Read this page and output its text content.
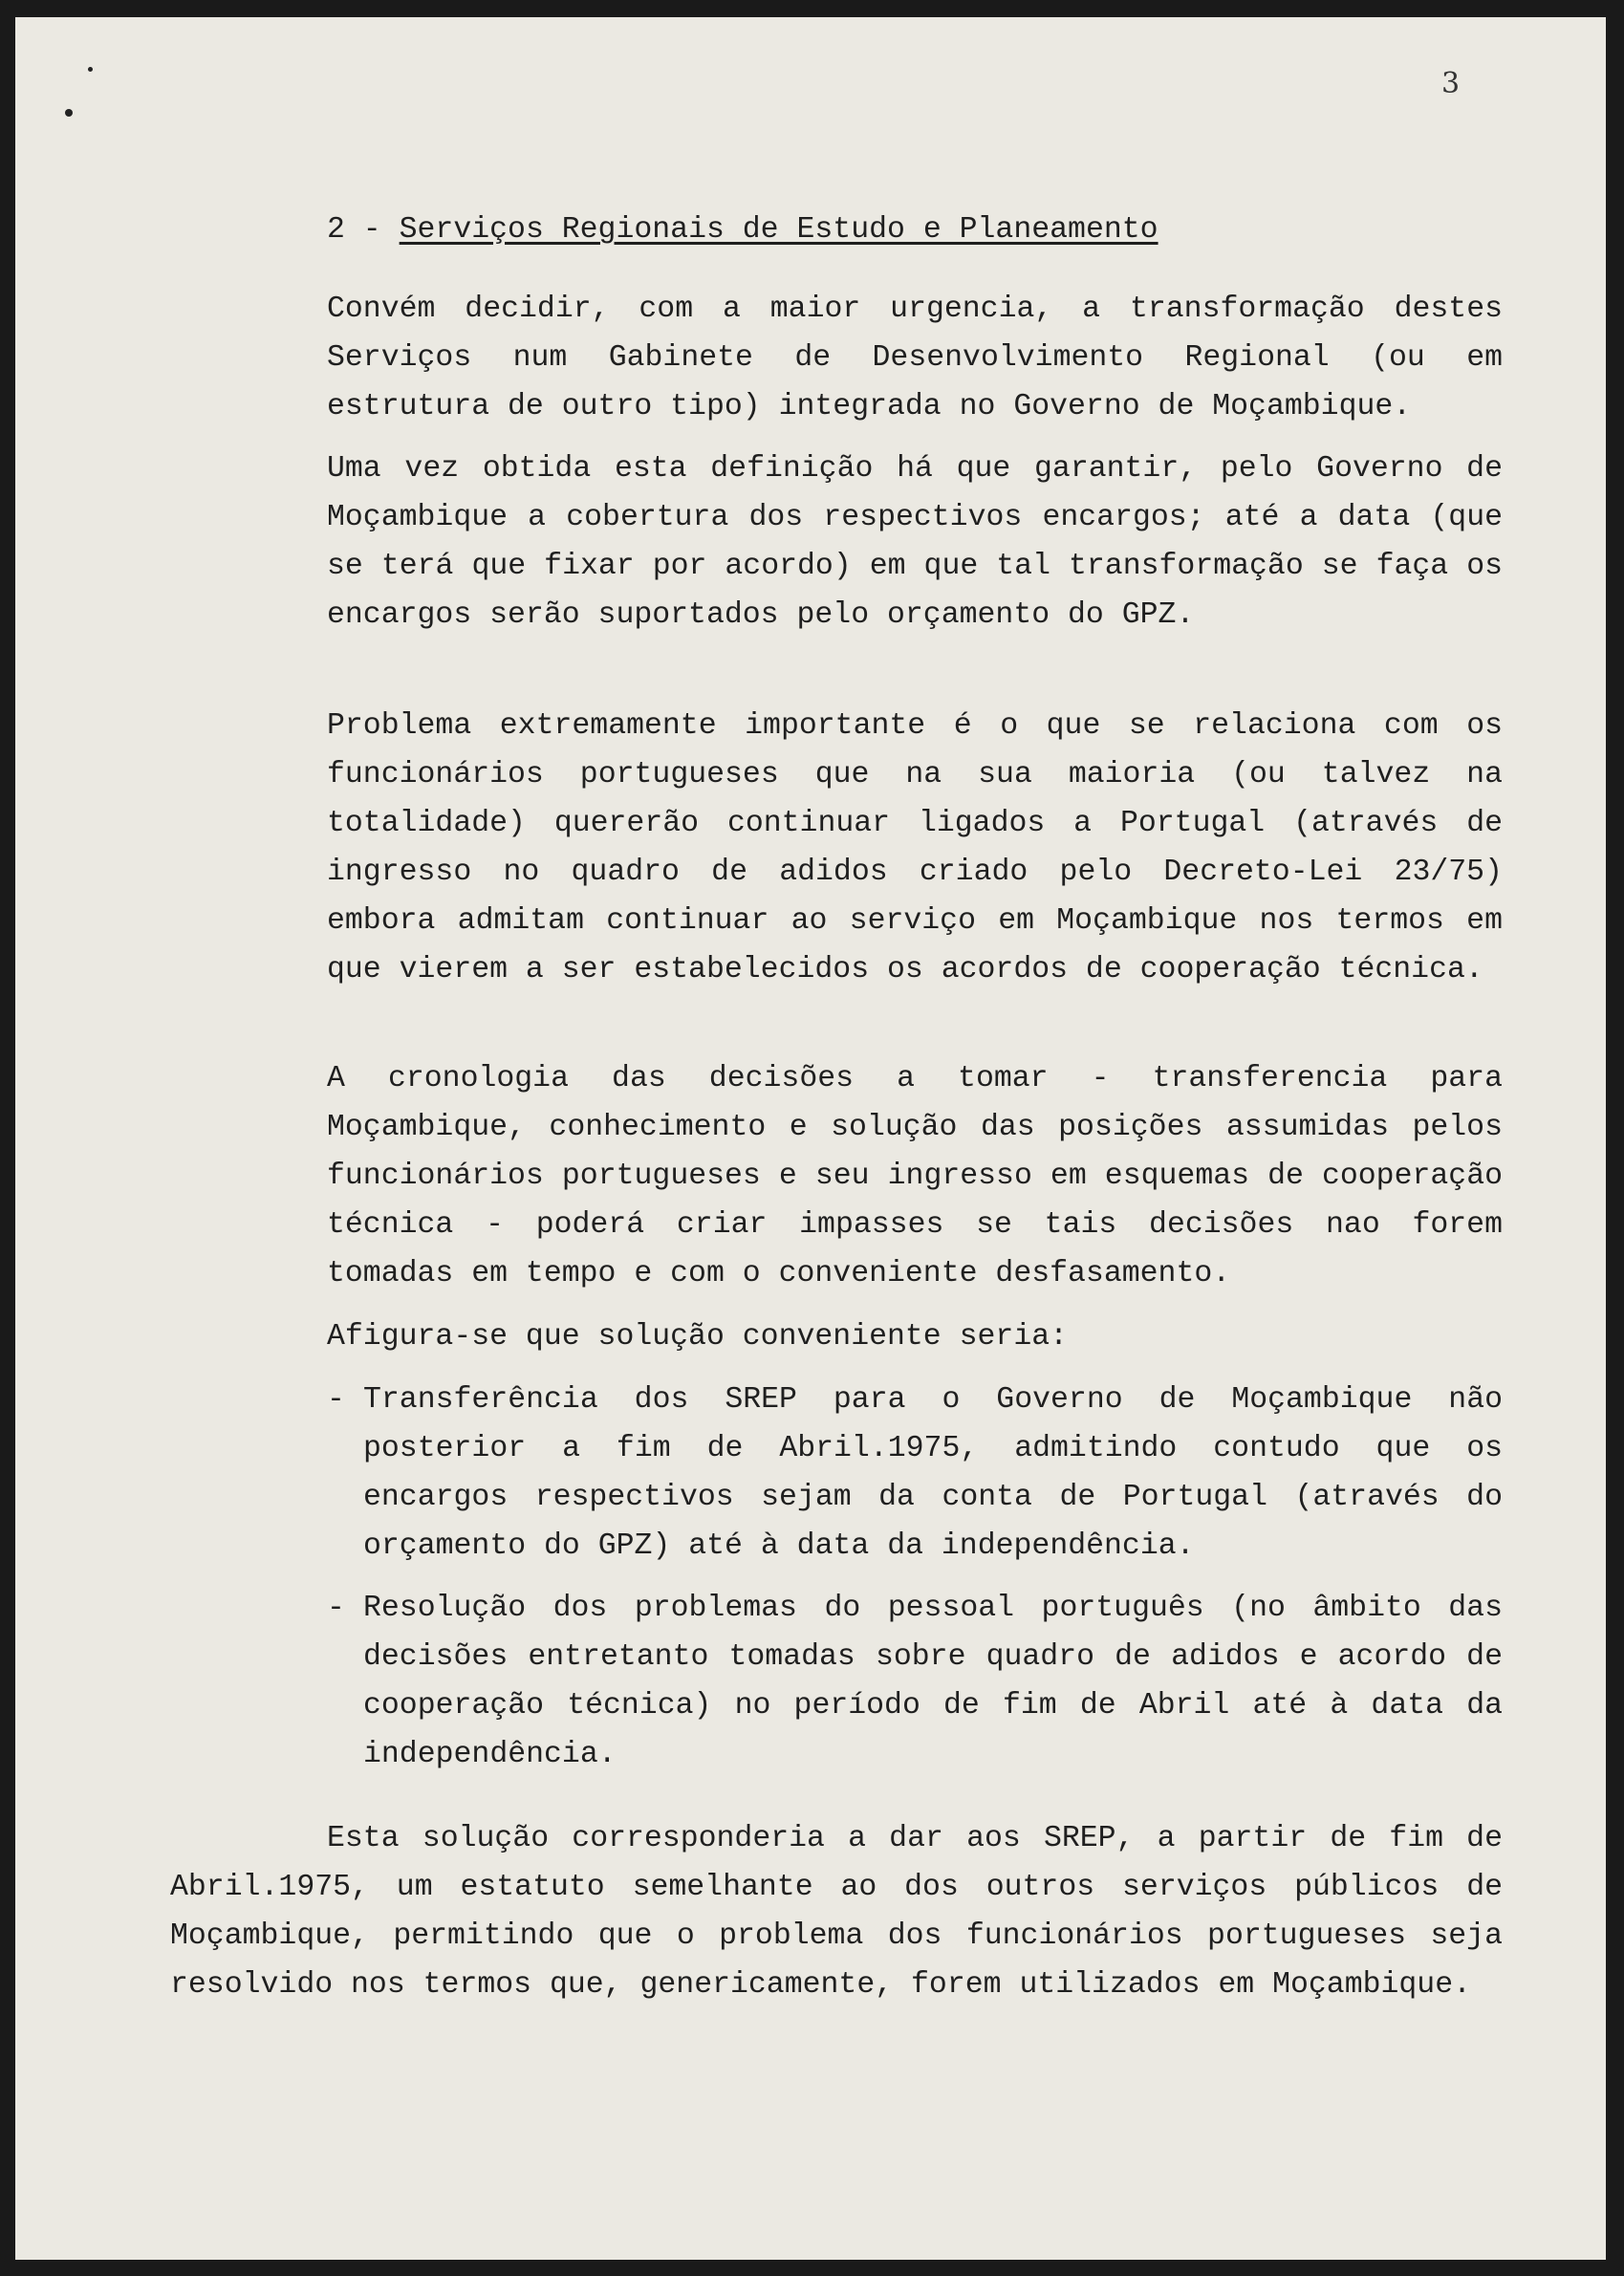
3
2 - Serviços Regionais de Estudo e Planeamento
Convém decidir, com a maior urgencia, a transformação destes Serviços num Gabinete de Desenvolvimento Regional (ou em estrutura de outro tipo) integrada no Governo de Moçambique.
Uma vez obtida esta definição há que garantir, pelo Governo de Moçambique a cobertura dos respectivos encargos; até a data (que se terá que fixar por acordo) em que tal transformação se faça os encargos serão suportados pelo orçamento do GPZ.
Problema extremamente importante é o que se relaciona com os funcionários portugueses que na sua maioria (ou talvez na totalidade) quererão continuar ligados a Portugal (através de ingresso no quadro de adidos criado pelo Decreto-Lei 23/75) embora admitam continuar ao serviço em Moçambique nos termos em que vierem a ser estabelecidos os acordos de cooperação técnica.
A cronologia das decisões a tomar - transferencia para Moçambique, conhecimento e solução das posições assumidas pelos funcionários portugueses e seu ingresso em esquemas de cooperação técnica - poderá criar impasses se tais decisões nao forem tomadas em tempo e com o conveniente desfasamento.
Afigura-se que solução conveniente seria:
- Transferência dos SREP para o Governo de Moçambique não posterior a fim de Abril.1975, admitindo contudo que os encargos respectivos sejam da conta de Portugal (através do orçamento do GPZ) até à data da independência.
- Resolução dos problemas do pessoal português (no âmbito das decisões entretanto tomadas sobre quadro de adidos e acordo de cooperação técnica) no período de fim de Abril até à data da independência.
Esta solução corresponderia a dar aos SREP, a partir de fim de Abril.1975, um estatuto semelhante ao dos outros serviços públicos de Moçambique, permitindo que o problema dos funcionários portugueses seja resolvido nos termos que, genericamente, forem utilizados em Moçambique.
